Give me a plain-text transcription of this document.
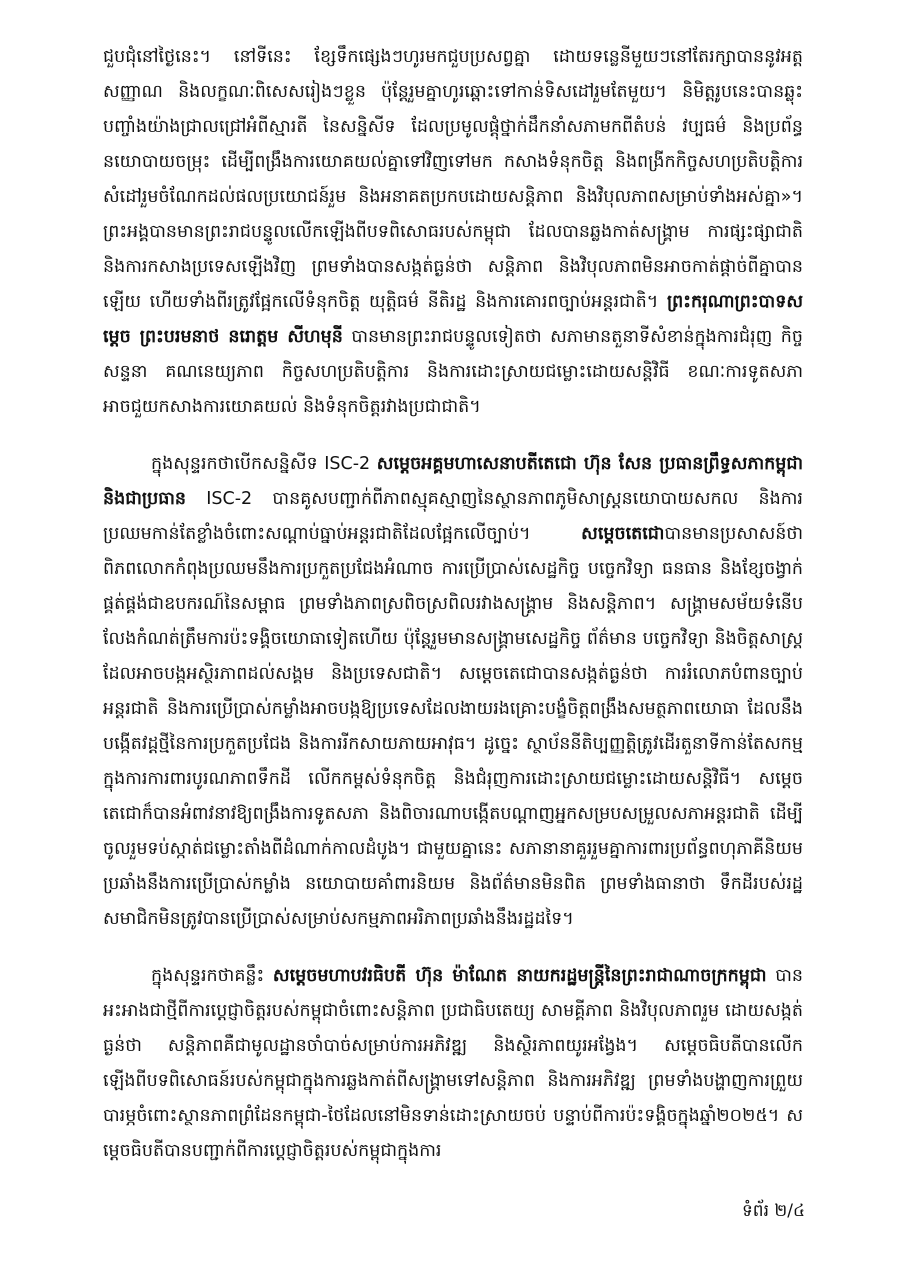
ជួបជុំនៅថ្ងៃនេះ។ នៅទីនេះ ខ្សែទឹកផ្សេងៗហូរមកជួបប្រសព្វគ្នា ដោយទន្លេនីមួយៗនៅតែរក្សាបាននូវអត្តសញ្ញាណ និងលក្ខណៈពិសេសរៀងៗខ្លួន ប៉ុន្តែរួមគ្នាហូរឆ្ពោះទៅកាន់ទិសដៅរួមតែមួយ។ និមិត្តរូបនេះបានឆ្លុះបញ្ចាំងយ៉ាងជ្រាលជ្រៅអំពីស្មារតី នៃសន្និសីទ ដែលប្រមូលផ្តុំថ្នាក់ដឹកនាំសភាមកពីតំបន់ វប្បធម៌ និងប្រព័ន្ធនយោបាយចម្រុះ ដើម្បីពង្រឹងការយោគយល់គ្នាទៅវិញទៅមក កសាងទំនុកចិត្ត និងពង្រីកកិច្ចសហប្រតិបត្តិការ សំដៅរួមចំណែកដល់ផលប្រយោជន៍រួម និងអនាគតប្រកបដោយសន្តិភាព និងវិបុលភាពសម្រាប់ទាំងអស់គ្នា»។ ព្រះអង្គបានមានព្រះរាជបន្ទូលលើកឡើងពីបទពិសោធរបស់កម្ពុជា ដែលបានឆ្លងកាត់សង្គ្រាម ការផ្សះផ្សាជាតិ និងការកសាងប្រទេសឡើងវិញ ព្រមទាំងបានសង្កត់ធ្ងន់ថា សន្តិភាព និងវិបុលភាពមិនអាចកាត់ផ្តាច់ពីគ្នាបានឡើយ ហើយទាំងពីរត្រូវផ្អែកលើទំនុកចិត្ត យុត្តិធម៌ នីតិរដ្ឋ និងការគោរពច្បាប់អន្តរជាតិ។ ព្រះករុណាព្រះបាទសម្តេច ព្រះបរមនាថ នរោត្តម សីហមុនី បានមានព្រះរាជបន្ទូលទៀតថា សភាមានតួនាទីសំខាន់ក្នុងការជំរុញ កិច្ចសន្ទនា គណនេយ្យភាព កិច្ចសហប្រតិបត្តិការ និងការដោះស្រាយជម្លោះដោយសន្តិវិធី ខណៈការទូតសភាអាចជួយកសាងការយោគយល់ និងទំនុកចិត្តរវាងប្រជាជាតិ។

ក្នុងសុន្ទរកថាបើកសន្និសីទ ISC-2 សម្តេចអគ្គមហាសេនាបតីតេជោ ហ៊ុន សែន ប្រធានព្រឹទ្ធសភាកម្ពុជា និងជាប្រធាន ISC-2 បានគូសបញ្ជាក់ពីភាពស្មុគស្មាញនៃស្ថានភាពភូមិសាស្ត្រនយោបាយសកល និងការប្រឈមកាន់តែខ្លាំងចំពោះសណ្តាប់ធ្នាប់អន្តរជាតិដែលផ្អែកលើច្បាប់។ សម្តេចតេជោបានមានប្រសាសន៍ថា ពិភពលោកកំពុងប្រឈមនឹងការប្រកួតប្រជែងអំណាច ការប្រើប្រាស់សេដ្ឋកិច្ច បច្ចេកវិទ្យា ធនធាន និងខ្សែចង្វាក់ផ្គត់ផ្គង់ជាឧបករណ៍នៃសម្ពាធ ព្រមទាំងភាពស្រពិចស្រពិលរវាងសង្គ្រាម និងសន្តិភាព។ សង្គ្រាមសម័យទំនើបលែងកំណត់ត្រឹមការប៉ះទង្គិចយោធាទៀតហើយ ប៉ុន្តែរួមមានសង្គ្រាមសេដ្ឋកិច្ច ព័ត៌មាន បច្ចេកវិទ្យា និងចិត្តសាស្ត្រ ដែលអាចបង្កអស្ថិរភាពដល់សង្គម និងប្រទេសជាតិ។ សម្តេចតេជោបានសង្កត់ធ្ងន់ថា ការរំលោភបំពានច្បាប់អន្តរជាតិ និងការប្រើប្រាស់កម្លាំងអាចបង្កឱ្យប្រទេសដែលងាយរងគ្រោះបង្ខំចិត្តពង្រឹងសមត្ថភាពយោធា ដែលនឹងបង្កើតវដ្តថ្មីនៃការប្រកួតប្រជែង និងការរីកសាយភាយអាវុធ។ ដូច្នេះ ស្ថាប័ននីតិប្បញ្ញត្តិត្រូវដើរតួនាទីកាន់តែសកម្មក្នុងការការពារបូរណភាពទឹកដី លើកកម្ពស់ទំនុកចិត្ត និងជំរុញការដោះស្រាយជម្លោះដោយសន្តិវិធី។ សម្តេចតេជោក៏បានអំពាវនាវឱ្យពង្រឹងការទូតសភា និងពិចារណាបង្កើតបណ្តាញអ្នកសម្របសម្រួលសភាអន្តរជាតិ ដើម្បីចូលរួមទប់ស្កាត់ជម្លោះតាំងពីដំណាក់កាលដំបូង។ ជាមួយគ្នានេះ សភានានាគួររួមគ្នាការពារប្រព័ន្ធពហុភាគីនិយម ប្រឆាំងនឹងការប្រើប្រាស់កម្លាំង នយោបាយគាំពារនិយម និងព័ត៌មានមិនពិត ព្រមទាំងធានាថា ទឹកដីរបស់រដ្ឋសមាជិកមិនត្រូវបានប្រើប្រាស់សម្រាប់សកម្មភាពអរិភាពប្រឆាំងនឹងរដ្ឋដទៃ។

ក្នុងសុន្ទរកថាគន្លឹះ សម្តេចមហាបវរធិបតី ហ៊ុន ម៉ាណែត នាយករដ្ឋមន្ត្រីនៃព្រះរាជាណាចក្រកម្ពុជា បានអះអាងជាថ្មីពីការប្តេជ្ញាចិត្តរបស់កម្ពុជាចំពោះសន្តិភាព ប្រជាធិបតេយ្យ សាមគ្គីភាព និងវិបុលភាពរួម ដោយសង្កត់ធ្ងន់ថា សន្តិភាពគឺជាមូលដ្ឋានចាំបាច់សម្រាប់ការអភិវឌ្ឍ និងស្ថិរភាពយូរអង្វែង។ សម្តេចធិបតីបានលើកឡើងពីបទពិសោធន៍របស់កម្ពុជាក្នុងការឆ្លងកាត់ពីសង្គ្រាមទៅសន្តិភាព និងការអភិវឌ្ឍ ព្រមទាំងបង្ហាញការព្រួយបារម្ភចំពោះស្ថានភាពព្រំដែនកម្ពុជា-ថៃដែលនៅមិនទាន់ដោះស្រាយចប់ បន្ទាប់ពីការប៉ះទង្គិចក្នុងឆ្នាំ២០២៥។ សម្តេចធិបតីបានបញ្ជាក់ពីការប្តេជ្ញាចិត្តរបស់កម្ពុជាក្នុងការ

ទំព័រ ២/៤
